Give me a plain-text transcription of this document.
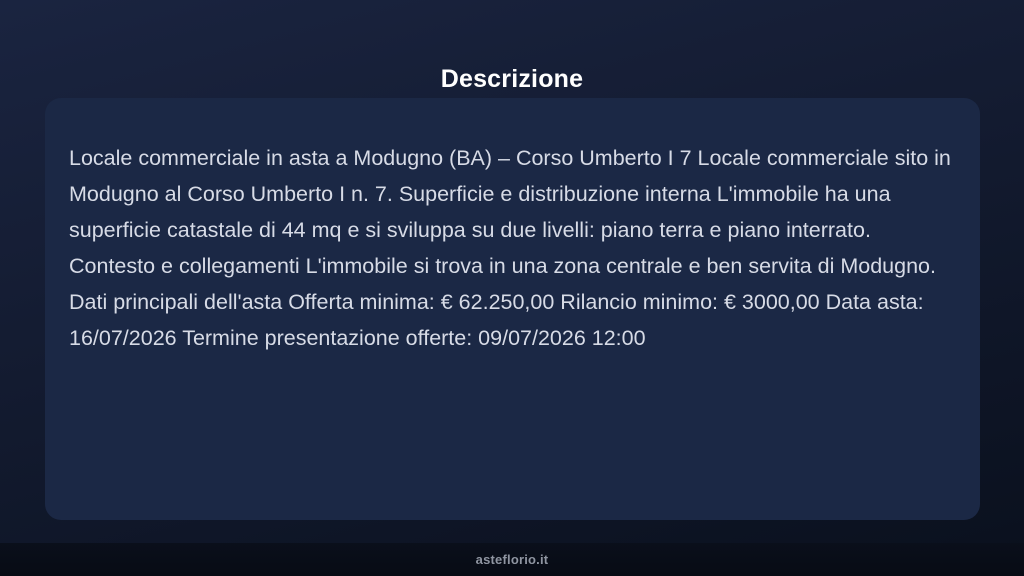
Descrizione

Locale commerciale in asta a Modugno (BA) – Corso Umberto I 7 Locale commerciale sito in Modugno al Corso Umberto I n. 7. Superficie e distribuzione interna L'immobile ha una superficie catastale di 44 mq e si sviluppa su due livelli: piano terra e piano interrato. Contesto e collegamenti L'immobile si trova in una zona centrale e ben servita di Modugno. Dati principali dell'asta Offerta minima: € 62.250,00 Rilancio minimo: € 3000,00 Data asta: 16/07/2026 Termine presentazione offerte: 09/07/2026 12:00

asteflorio.it
